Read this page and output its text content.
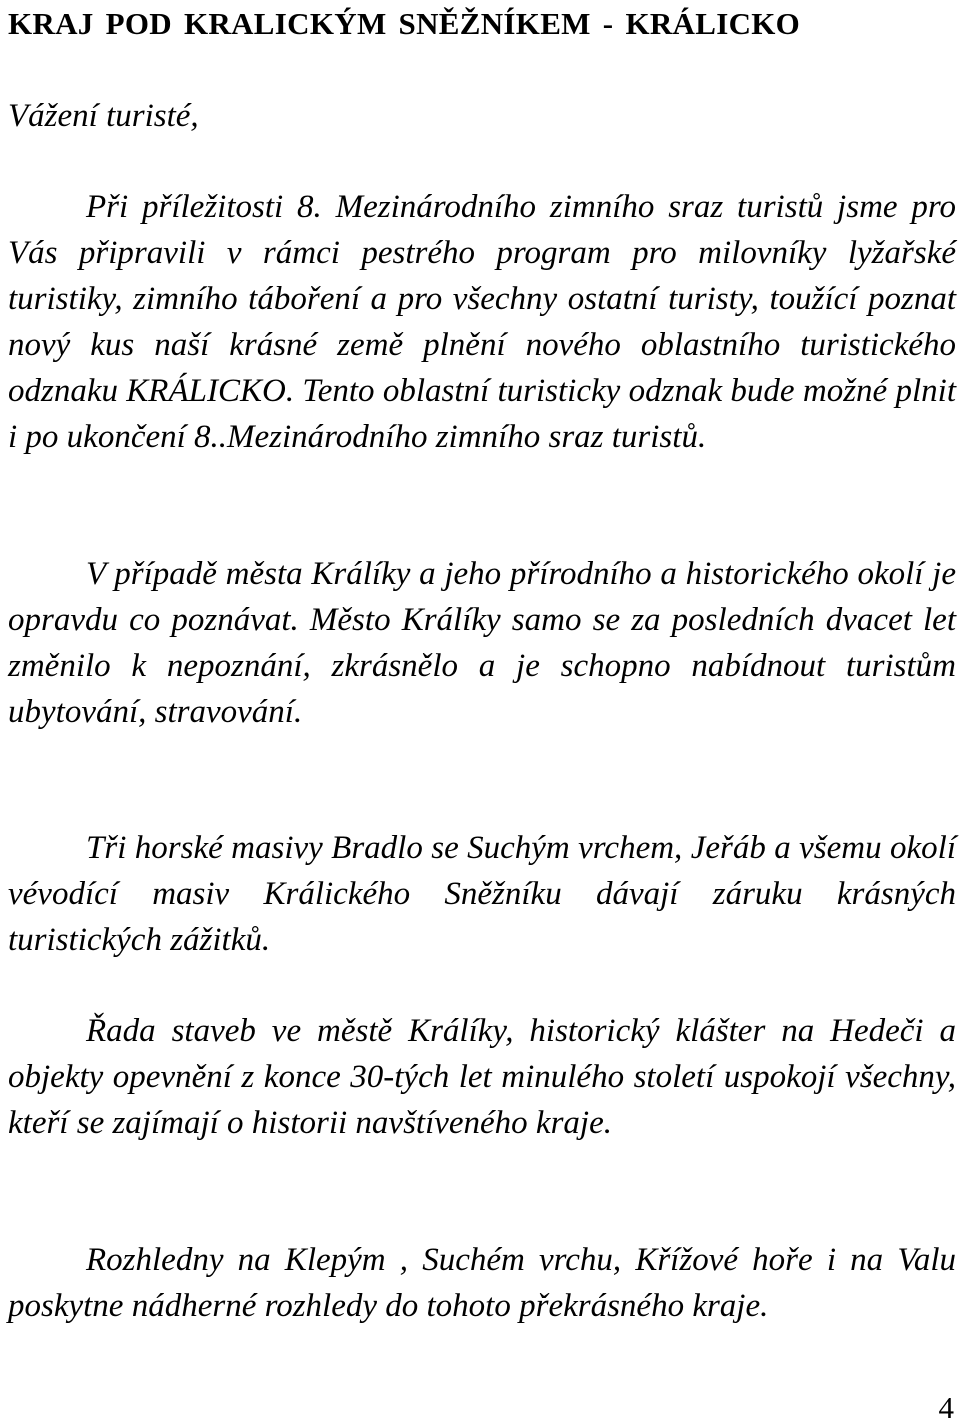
KRAJ POD KRALICKÝM SNĚŽNÍKEM - KRÁLICKO

Vážení turisté,

Při příležitosti 8. Mezinárodního zimního sraz turistů jsme pro Vás připravili v rámci pestrého program pro milovníky lyžařské turistiky, zimního táboření a pro všechny ostatní turisty, toužící poznat nový kus naší krásné země plnění nového oblastního turistického odznaku KRÁLICKO. Tento oblastní turisticky odznak bude možné plnit i po ukončení 8..Mezinárodního zimního sraz turistů.

V případě města Králíky a jeho přírodního a historického okolí je opravdu co poznávat. Město Králíky samo se za posledních dvacet let změnilo k nepoznání, zkrásnělo a je schopno nabídnout turistům ubytování, stravování.

Tři horské masivy Bradlo se Suchým vrchem, Jeřáb a všemu okolí vévodící masiv Králického Sněžníku dávají záruku krásných turistických zážitků.

Řada staveb ve městě Králíky, historický klášter na Hedeči a objekty opevnění z konce 30-tých let minulého století uspokojí všechny, kteří se zajímají o historii navštíveného kraje.

Rozhledny na Klepým , Suchém vrchu, Křížové hoře i na Valu poskytne nádherné rozhledy do tohoto překrásného kraje.

4
